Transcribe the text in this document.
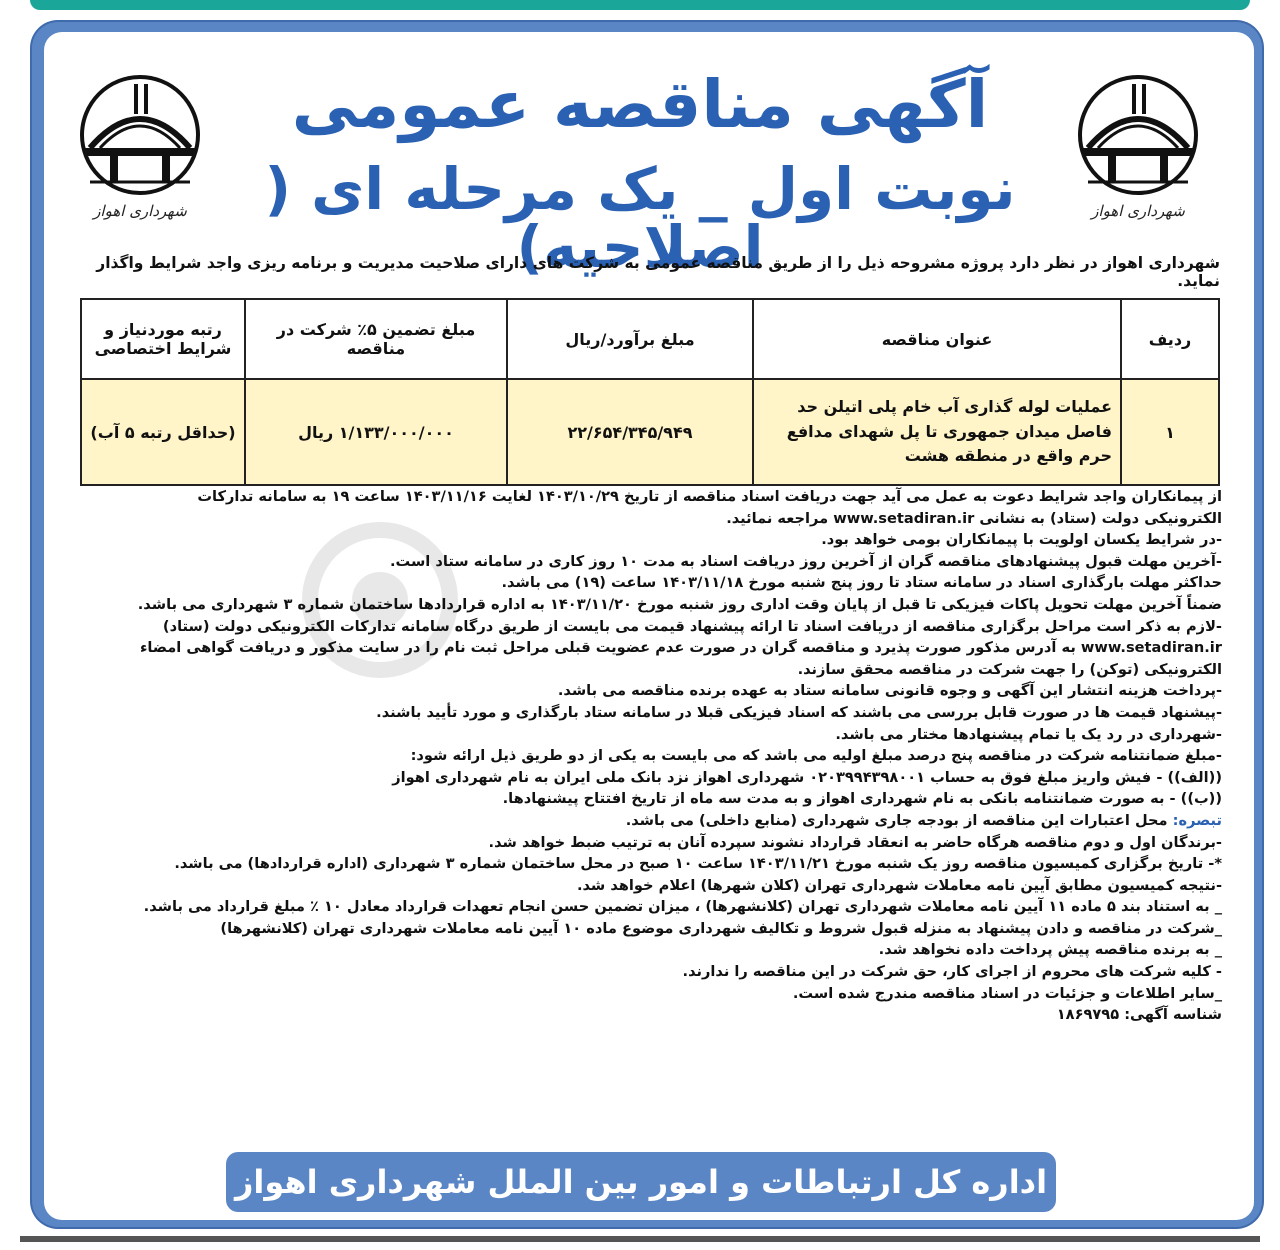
شهرداری اهواز	شهرداری اهواز
آگهی مناقصه عمومی
نوبت اول _ یک مرحله ای ( اصلاحیه)
شهرداری اهواز در نظر دارد پروژه مشروحه ذیل را از طریق مناقصه عمومی به شرکت های دارای صلاحیت مدیریت و برنامه ریزی واجد شرایط واگذار نماید.
ردیف	عنوان مناقصه	مبلغ برآورد/ریال	مبلغ تضمین ۵٪ شرکت در مناقصه	رتبه موردنیاز و شرایط اختصاصی
۱	عملیات لوله گذاری آب خام پلی اتیلن حد فاصل میدان جمهوری تا پل شهدای مدافع حرم واقع در منطقه هشت	۲۲/۶۵۴/۳۴۵/۹۴۹	۱/۱۳۳/۰۰۰/۰۰۰ ریال	(حداقل رتبه ۵ آب)

از پیمانکاران واجد شرایط دعوت به عمل می آید جهت دریافت اسناد مناقصه از تاریخ ۱۴۰۳/۱۰/۲۹ لغایت ۱۴۰۳/۱۱/۱۶ ساعت ۱۹ به سامانه تدارکات

الکترونیکی دولت (ستاد) به نشانی www.setadiran.ir مراجعه نمائید.

-در شرایط یکسان اولویت با پیمانکاران بومی خواهد بود.

-آخرین مهلت قبول پیشنهادهای مناقصه گران از آخرین روز دریافت اسناد به مدت ۱۰ روز کاری در سامانه ستاد است.

حداکثر مهلت بارگذاری اسناد در سامانه ستاد تا روز پنج شنبه مورخ ۱۴۰۳/۱۱/۱۸ ساعت (۱۹) می باشد.

ضمناً آخرین مهلت تحویل پاکات فیزیکی تا قبل از پایان وقت اداری روز شنبه مورخ ۱۴۰۳/۱۱/۲۰ به اداره قراردادها ساختمان شماره ۳ شهرداری می باشد.

-لازم به ذکر است مراحل برگزاری مناقصه از دریافت اسناد تا ارائه پیشنهاد قیمت می بایست از طریق درگاه سامانه تدارکات الکترونیکی دولت (ستاد)

www.setadiran.ir به آدرس مذکور صورت پذیرد و مناقصه گران در صورت عدم عضویت قبلی مراحل ثبت نام را در سایت مذکور و دریافت گواهی امضاء

الکترونیکی (توکن) را جهت شرکت در مناقصه محقق سازند.

-پرداخت هزینه انتشار این آگهی و وجوه قانونی سامانه ستاد به عهده برنده مناقصه می باشد.

-پیشنهاد قیمت ها در صورت قابل بررسی می باشند که اسناد فیزیکی قبلا در سامانه ستاد بارگذاری و مورد تأیید باشند.

-شهرداری در رد یک یا تمام پیشنهادها مختار می باشد.

-مبلغ ضمانتنامه شرکت در مناقصه پنج درصد مبلغ اولیه می باشد که می بایست به یکی از دو طریق ذیل ارائه شود:

((الف)) - فیش واریز مبلغ فوق به حساب ۰۲۰۳۹۹۴۳۹۸۰۰۱ شهرداری اهواز نزد بانک ملی ایران به نام شهرداری اهواز

((ب)) - به صورت ضمانتنامه بانکی به نام شهرداری اهواز و به مدت سه ماه از تاریخ افتتاح پیشنهادها.

تبصره: محل اعتبارات این مناقصه از بودجه جاری شهرداری (منابع داخلی) می باشد.

-برندگان اول و دوم مناقصه هرگاه حاضر به انعقاد قرارداد نشوند سپرده آنان به ترتیب ضبط خواهد شد.

*- تاریخ برگزاری کمیسیون مناقصه روز یک شنبه مورخ ۱۴۰۳/۱۱/۲۱ ساعت ۱۰ صبح در محل ساختمان شماره ۳ شهرداری (اداره قراردادها) می باشد.

-نتیجه کمیسیون مطابق آیین نامه معاملات شهرداری تهران (کلان شهرها) اعلام خواهد شد.

_ به استناد بند ۵ ماده ۱۱ آیین نامه معاملات شهرداری تهران (کلانشهرها) ، میزان تضمین حسن انجام تعهدات قرارداد معادل ۱۰ ٪ مبلغ قرارداد می باشد.

_شرکت در مناقصه و دادن پیشنهاد به منزله قبول شروط و تکالیف شهرداری موضوع ماده ۱۰ آیین نامه معاملات شهرداری تهران (کلانشهرها)

_ به برنده مناقصه پیش پرداخت داده نخواهد شد.

- کلیه شرکت های محروم از اجرای کار، حق شرکت در این مناقصه را ندارند.

_سایر اطلاعات و جزئیات در اسناد مناقصه مندرج شده است.

شناسه آگهی: ۱۸۶۹۷۹۵

اداره کل ارتباطات و امور بین الملل شهرداری اهواز
